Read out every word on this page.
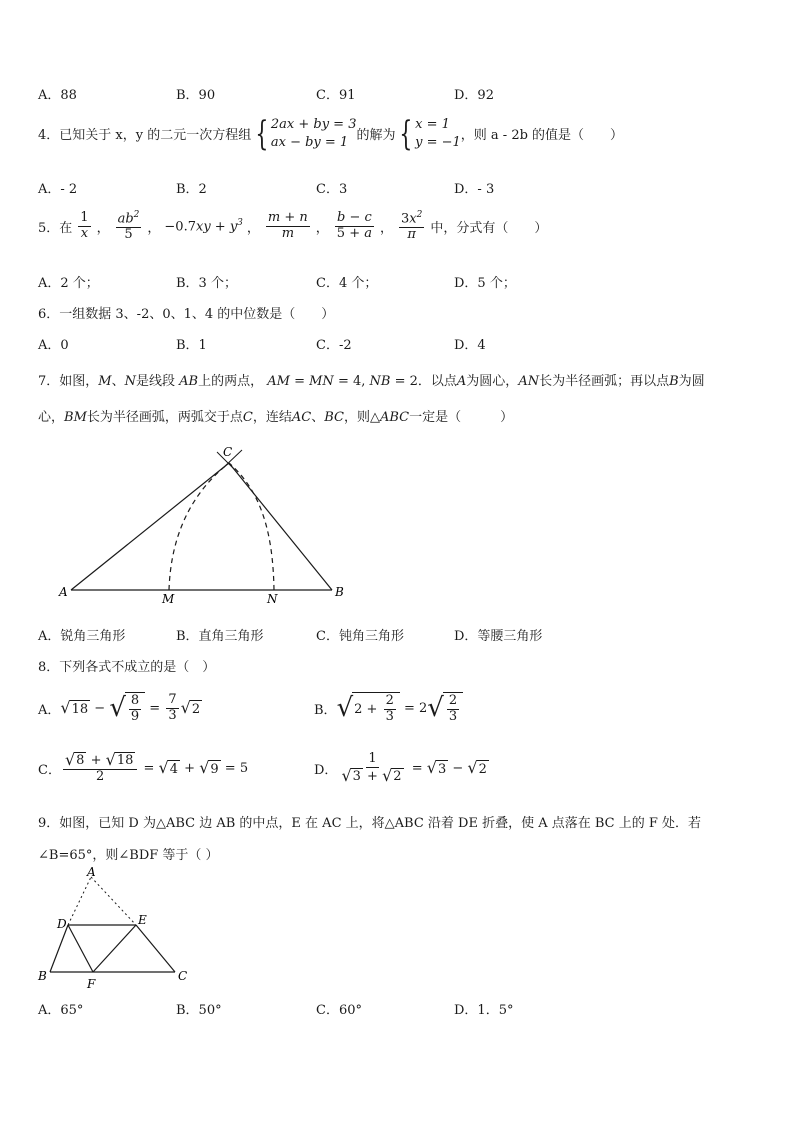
A．88	B．90	C．91	D．92
4．已知关于 x，y 的二元一次方程组 { 2ax + by = 3
ax − by = 1 的解为 { x = 1
y = −1 ，则 a - 2b 的值是（　　）
A．- 2	B．2	C．3	D．- 3
5．在 $\frac{1}{x}$ ， $\frac{ab^2}{5}$ ， $-0.7xy + y^3$ ， $\frac{m + n}{m}$ ， $\frac{b - c}{5 + a}$ ， $\frac{3x^2}{\pi}$ 中，分式有（　　）
A．2 个；	B．3 个；	C．4 个；	D．5 个；
6．一组数据 3、-2、0、1、4 的中位数是（　　）
A．0	B．1	C．-2	D．4
7．如图，M、N是线段 AB上的两点， AM = MN = 4, NB = 2．以点A为圆心，AN长为半径画弧；再以点B为圆
心，BM长为半径画弧，两弧交于点C，连结AC、BC，则△ABC一定是（　　　）
A	B
C
M	N
A．锐角三角形	B．直角三角形	C．钝角三角形	D．等腰三角形
8．下列各式不成立的是（　）
A． √ 18 − √ $\frac{8}{9} = \frac{7}{3}$ √ 2	B． √ $2 + \frac{2}{3} = 2$ √ $\frac{2}{3}$
C． $\frac{√ 8 + √ 18}{2}$ = √ 4 + √ 9 = 5	D． $\frac{1}{√ 3 + √ 2}$ = √ 3 − √ 2
9．如图，已知 D 为△ABC 边 AB 的中点，E 在 AC 上，将△ABC 沿着 DE 折叠，使 A 点落在 BC 上的 F 处．若
∠B=65°，则∠BDF 等于（ ）
A
B	C
D	E
F
A．65°	B．50°	C．60°	D．1．5°
